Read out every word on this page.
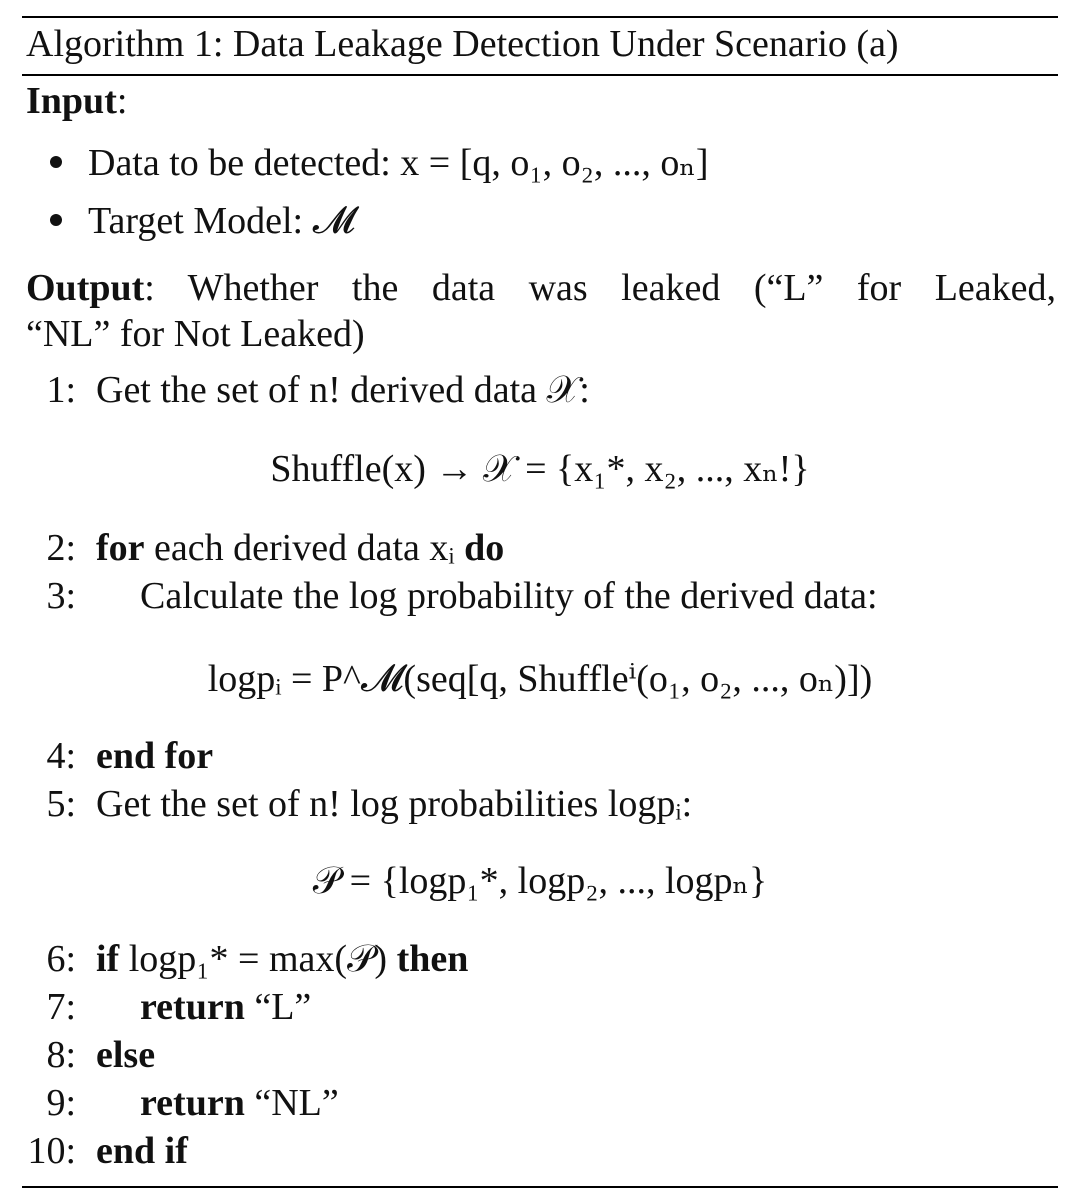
Algorithm 1: Data Leakage Detection Under Scenario (a)
Input:
Data to be detected: x = [q, o₁, o₂, ..., oₙ]
Target Model: 𝓜
Output: Whether the data was leaked (“L” for Leaked,
“NL” for Not Leaked)
1: Get the set of n! derived data 𝒳:
Shuffle(x) → 𝒳 = {x₁*, x₂, ..., xₙ!}
2: for each derived data xᵢ do
3: Calculate the log probability of the derived data:
logpᵢ = P^𝓜(seq[q, Shuffleⁱ(o₁, o₂, ..., oₙ)])
4: end for
5: Get the set of n! log probabilities logpᵢ:
𝒫 = {logp₁*, logp₂, ..., logpₙ}
6: if logp₁* = max(𝒫) then
7: return “L”
8: else
9: return “NL”
10: end if
